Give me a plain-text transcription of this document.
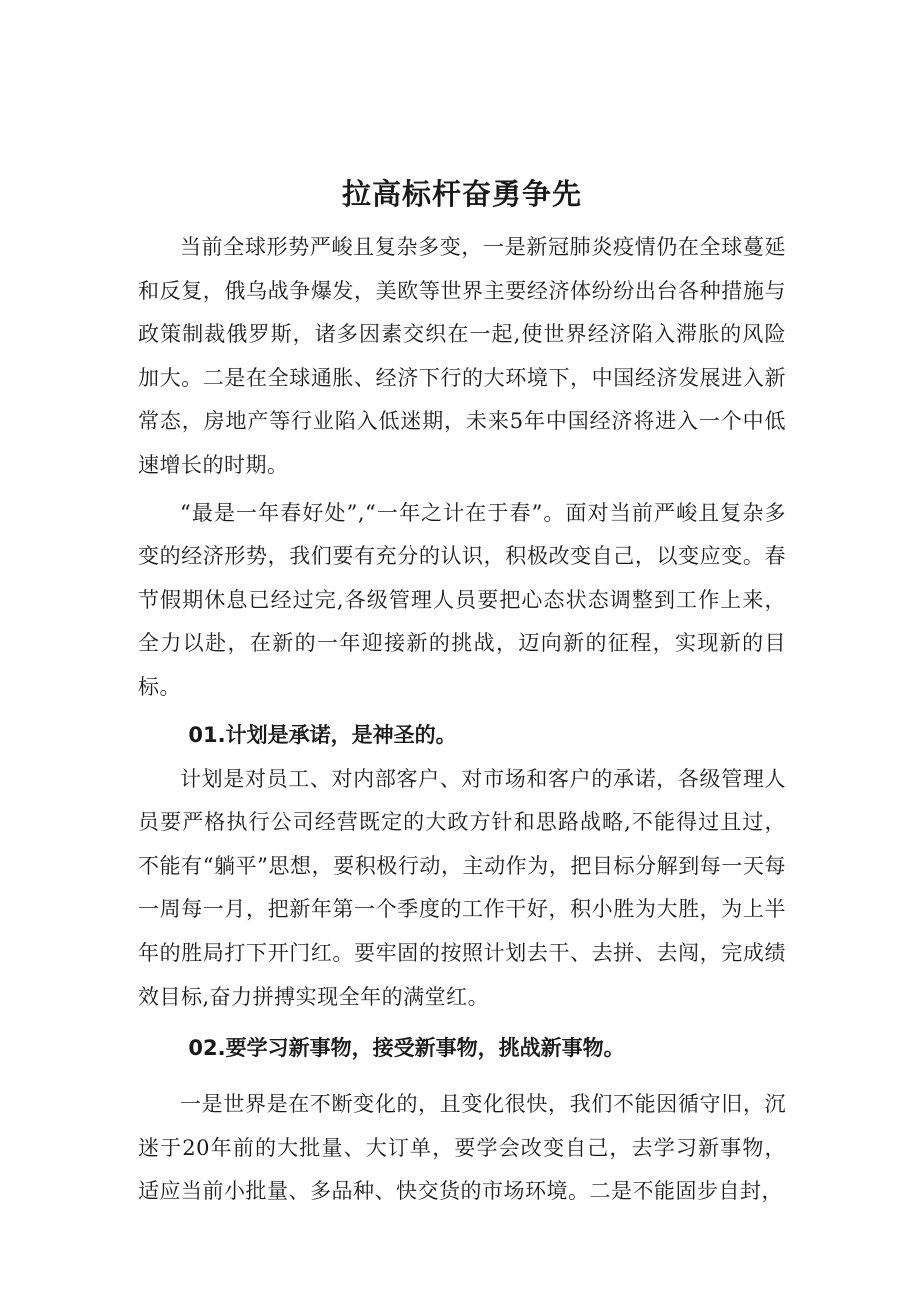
拉高标杆奋勇争先

当前全球形势严峻且复杂多变，一是新冠肺炎疫情仍在全球蔓延和反复，俄乌战争爆发，美欧等世界主要经济体纷纷出台各种措施与政策制裁俄罗斯，诸多因素交织在一起,使世界经济陷入滞胀的风险加大。二是在全球通胀、经济下行的大环境下，中国经济发展进入新常态，房地产等行业陷入低迷期，未来5年中国经济将进入一个中低速增长的时期。

“最是一年春好处”,“一年之计在于春”。面对当前严峻且复杂多变的经济形势，我们要有充分的认识，积极改变自己，以变应变。春节假期休息已经过完,各级管理人员要把心态状态调整到工作上来，全力以赴，在新的一年迎接新的挑战，迈向新的征程，实现新的目标。

01.计划是承诺，是神圣的。

计划是对员工、对内部客户、对市场和客户的承诺，各级管理人员要严格执行公司经营既定的大政方针和思路战略,不能得过且过，不能有“躺平”思想，要积极行动，主动作为，把目标分解到每一天每一周每一月，把新年第一个季度的工作干好，积小胜为大胜，为上半年的胜局打下开门红。要牢固的按照计划去干、去拼、去闯，完成绩效目标,奋力拼搏实现全年的满堂红。

02.要学习新事物，接受新事物，挑战新事物。

一是世界是在不断变化的，且变化很快，我们不能因循守旧，沉迷于20年前的大批量、大订单，要学会改变自己，去学习新事物，适应当前小批量、多品种、快交货的市场环境。二是不能固步自封，
